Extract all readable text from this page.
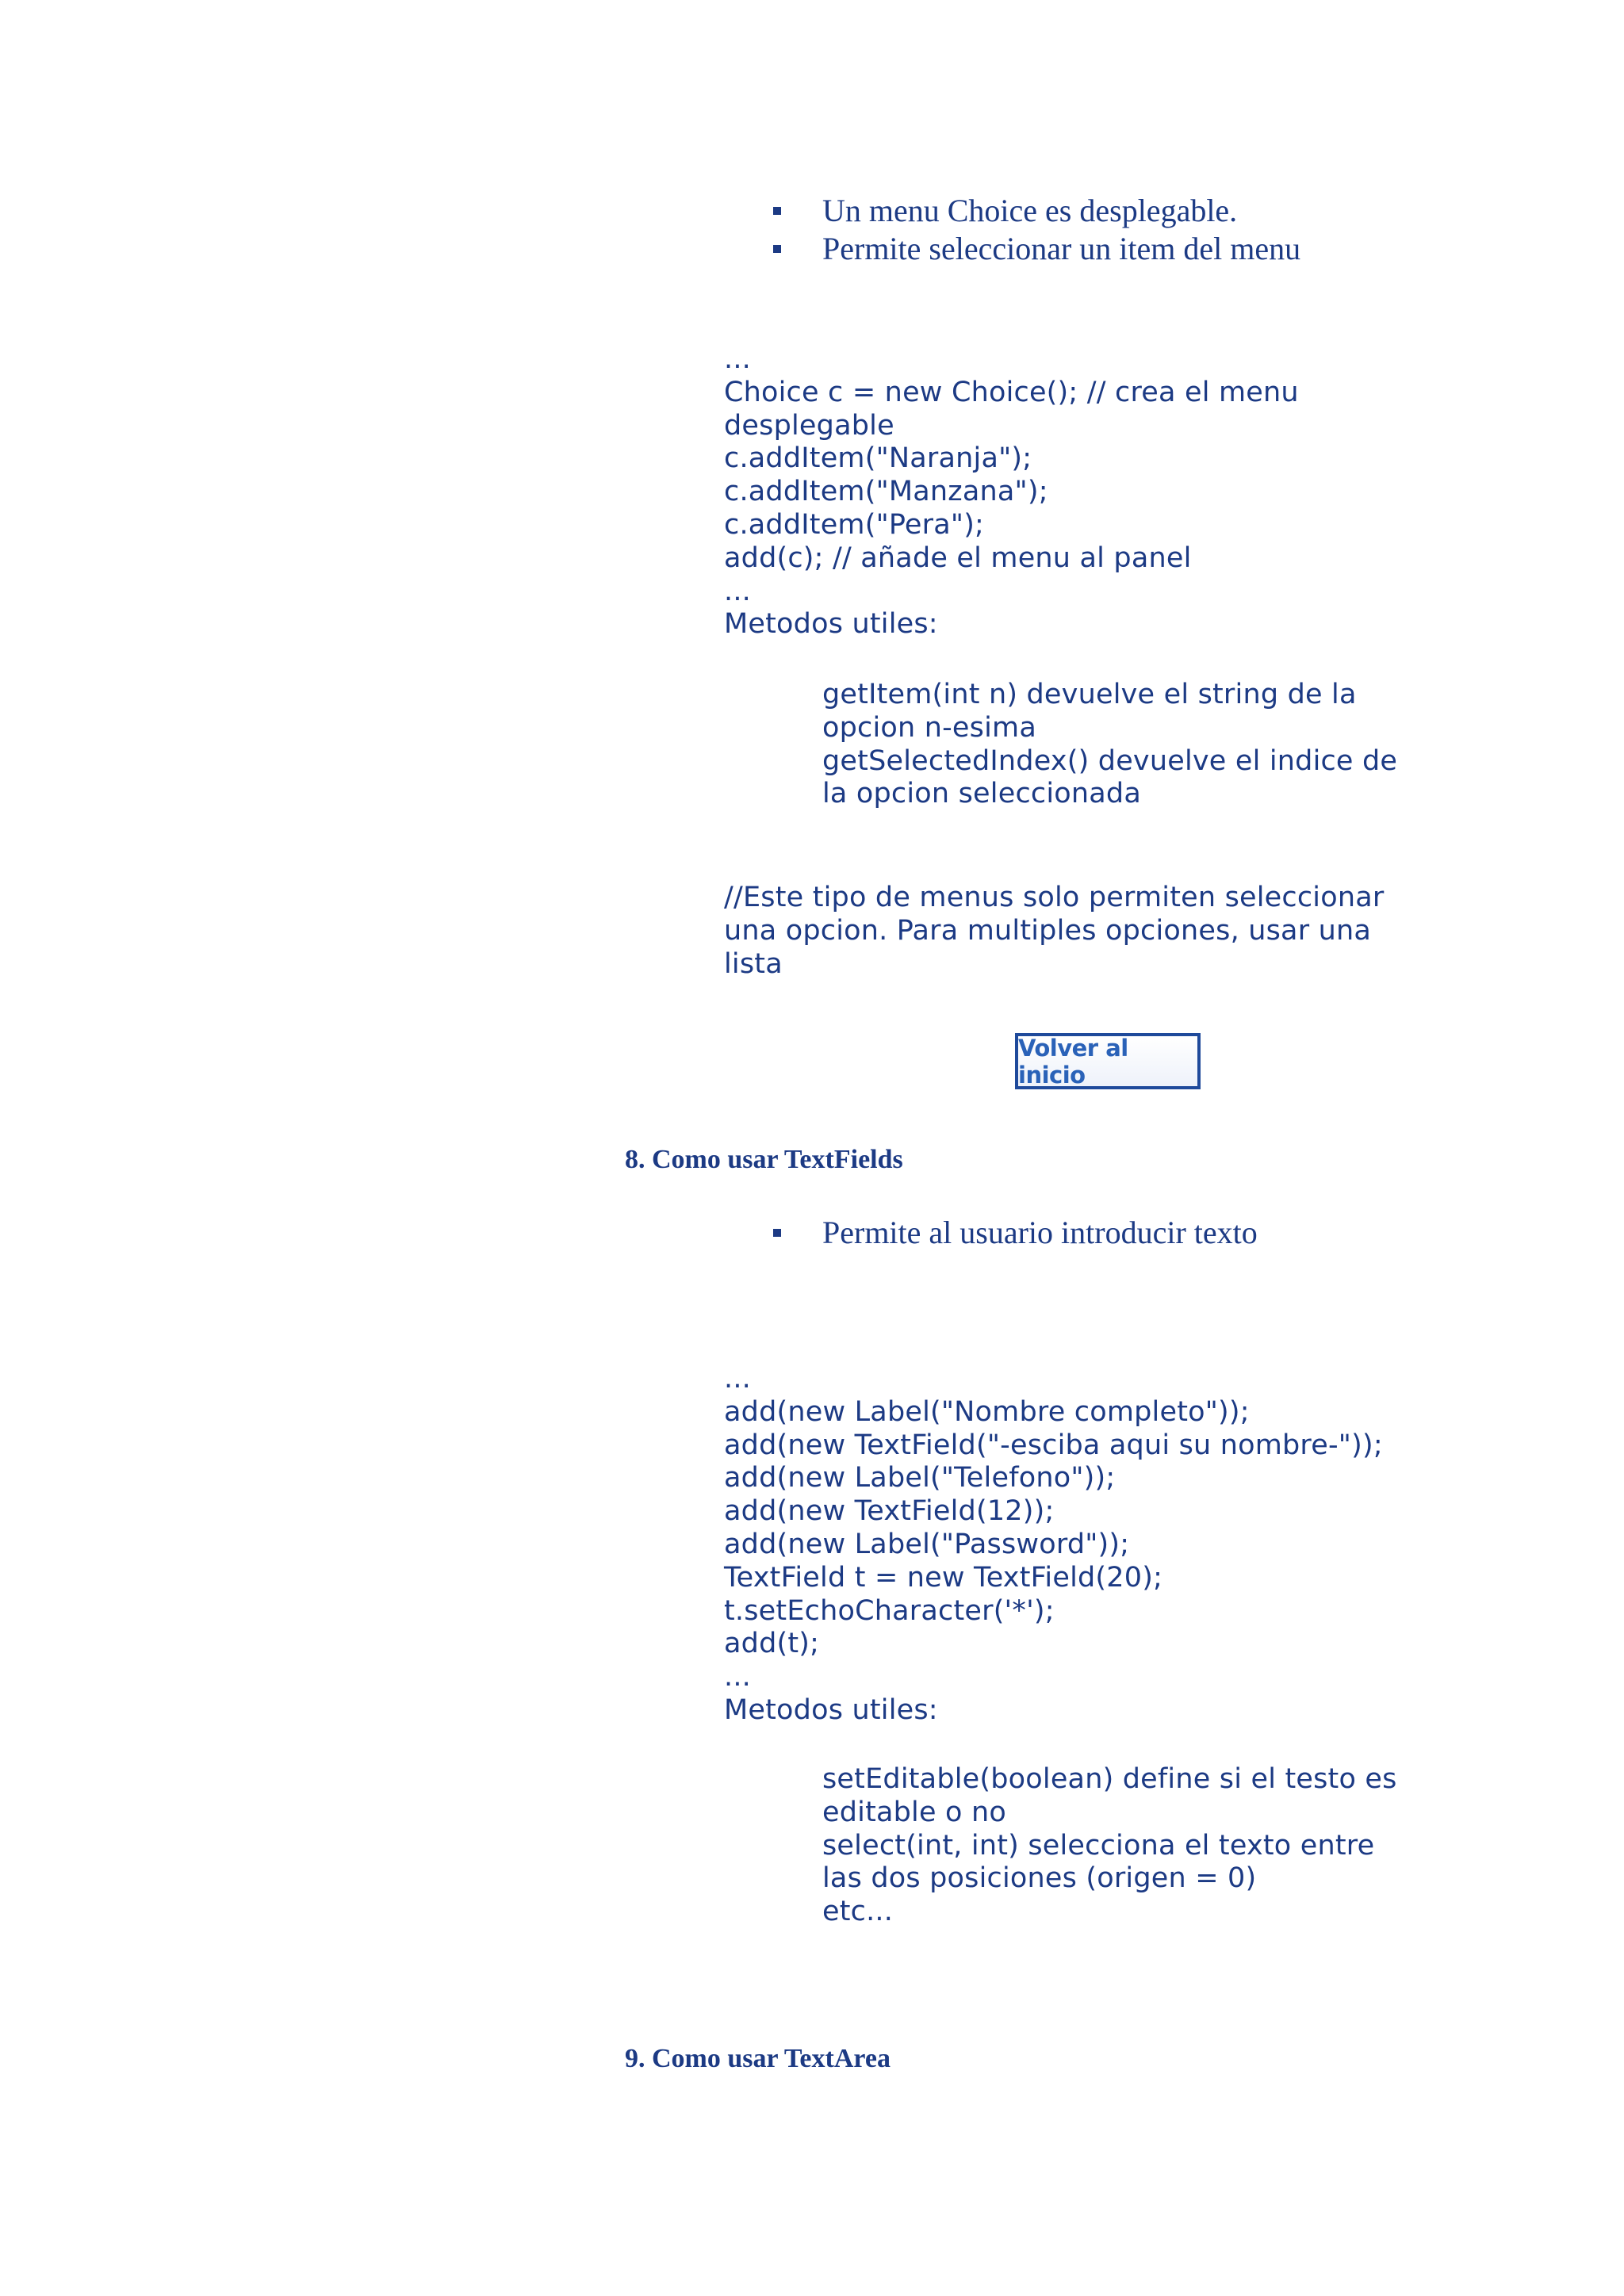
Un menu Choice es desplegable.
Permite seleccionar un item del menu
...
Choice c = new Choice(); // crea el menu
desplegable
c.addItem("Naranja");
c.addItem("Manzana");
c.addItem("Pera");
add(c); // añade el menu al panel
...
Metodos utiles:
getItem(int n) devuelve el string de la
opcion n-esima
getSelectedIndex() devuelve el indice de
la opcion seleccionada
//Este tipo de menus solo permiten seleccionar
una opcion. Para multiples opciones, usar una
lista
Volver al inicio
8. Como usar TextFields
Permite al usuario introducir texto
...
add(new Label("Nombre completo"));
add(new TextField("-esciba aqui su nombre-"));
add(new Label("Telefono"));
add(new TextField(12));
add(new Label("Password"));
TextField t = new TextField(20);
t.setEchoCharacter('*');
add(t);
...
Metodos utiles:
setEditable(boolean) define si el testo es
editable o no
select(int, int) selecciona el texto entre
las dos posiciones (origen = 0)
etc...
9. Como usar TextArea
